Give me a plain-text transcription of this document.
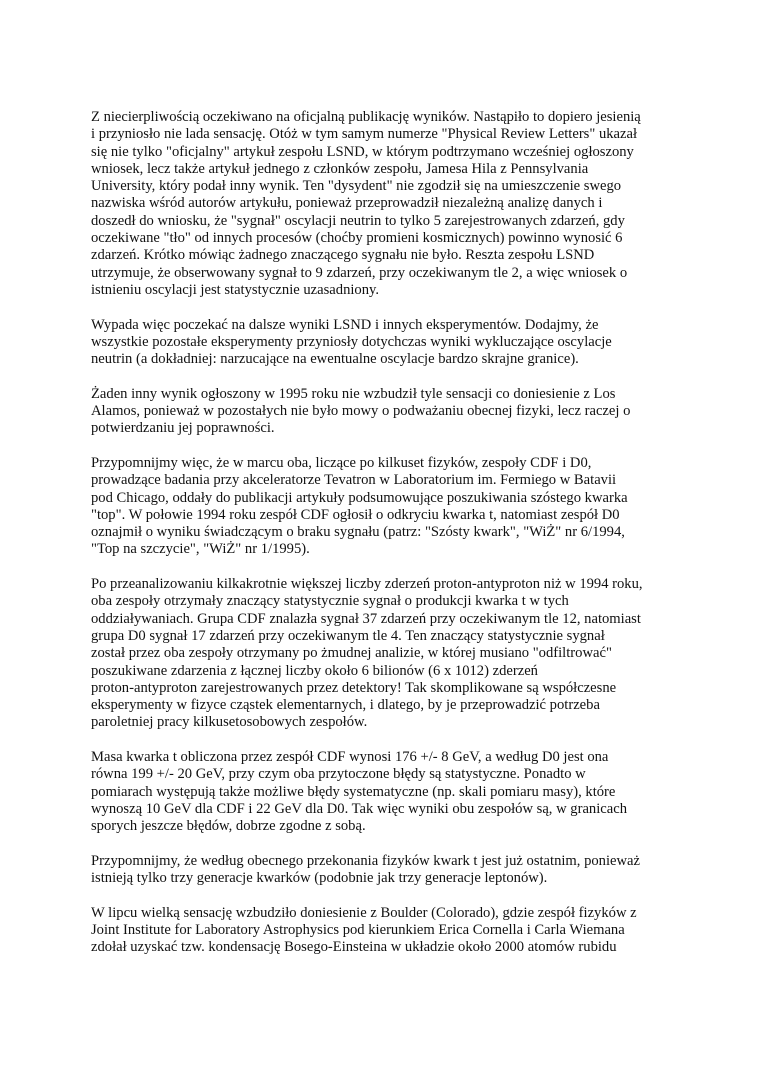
Z niecierpliwością oczekiwano na oficjalną publikację wyników. Nastąpiło to dopiero jesienią
i przyniosło nie lada sensację. Otóż w tym samym numerze "Physical Review Letters" ukazał
się nie tylko "oficjalny" artykuł zespołu LSND, w którym podtrzymano wcześniej ogłoszony
wniosek, lecz także artykuł jednego z członków zespołu, Jamesa Hila z Pennsylvania
University, który podał inny wynik. Ten "dysydent" nie zgodził się na umieszczenie swego
nazwiska wśród autorów artykułu, ponieważ przeprowadził niezależną analizę danych i
doszedł do wniosku, że "sygnał" oscylacji neutrin to tylko 5 zarejestrowanych zdarzeń, gdy
oczekiwane "tło" od innych procesów (choćby promieni kosmicznych) powinno wynosić 6
zdarzeń. Krótko mówiąc żadnego znaczącego sygnału nie było. Reszta zespołu LSND
utrzymuje, że obserwowany sygnał to 9 zdarzeń, przy oczekiwanym tle 2, a więc wniosek o
istnieniu oscylacji jest statystycznie uzasadniony.

Wypada więc poczekać na dalsze wyniki LSND i innych eksperymentów. Dodajmy, że
wszystkie pozostałe eksperymenty przyniosły dotychczas wyniki wykluczające oscylacje
neutrin (a dokładniej: narzucające na ewentualne oscylacje bardzo skrajne granice).

Żaden inny wynik ogłoszony w 1995 roku nie wzbudził tyle sensacji co doniesienie z Los
Alamos, ponieważ w pozostałych nie było mowy o podważaniu obecnej fizyki, lecz raczej o
potwierdzaniu jej poprawności.

Przypomnijmy więc, że w marcu oba, liczące po kilkuset fizyków, zespoły CDF i D0,
prowadzące badania przy akceleratorze Tevatron w Laboratorium im. Fermiego w Batavii
pod Chicago, oddały do publikacji artykuły podsumowujące poszukiwania szóstego kwarka
"top". W połowie 1994 roku zespół CDF ogłosił o odkryciu kwarka t, natomiast zespół D0
oznajmił o wyniku świadczącym o braku sygnału (patrz: "Szósty kwark", "WiŻ" nr 6/1994,
"Top na szczycie", "WiŻ" nr 1/1995).

Po przeanalizowaniu kilkakrotnie większej liczby zderzeń proton-antyproton niż w 1994 roku,
oba zespoły otrzymały znaczący statystycznie sygnał o produkcji kwarka t w tych
oddziaływaniach. Grupa CDF znalazła sygnał 37 zdarzeń przy oczekiwanym tle 12, natomiast
grupa D0 sygnał 17 zdarzeń przy oczekiwanym tle 4. Ten znaczący statystycznie sygnał
został przez oba zespoły otrzymany po żmudnej analizie, w której musiano "odfiltrować"
poszukiwane zdarzenia z łącznej liczby około 6 bilionów (6 x 1012) zderzeń
proton-antyproton zarejestrowanych przez detektory! Tak skomplikowane są współczesne
eksperymenty w fizyce cząstek elementarnych, i dlatego, by je przeprowadzić potrzeba
paroletniej pracy kilkusetosobowych zespołów.

Masa kwarka t obliczona przez zespół CDF wynosi 176 +/- 8 GeV, a według D0 jest ona
równa 199 +/- 20 GeV, przy czym oba przytoczone błędy są statystyczne. Ponadto w
pomiarach występują także możliwe błędy systematyczne (np. skali pomiaru masy), które
wynoszą 10 GeV dla CDF i 22 GeV dla D0. Tak więc wyniki obu zespołów są, w granicach
sporych jeszcze błędów, dobrze zgodne z sobą.

Przypomnijmy, że według obecnego przekonania fizyków kwark t jest już ostatnim, ponieważ
istnieją tylko trzy generacje kwarków (podobnie jak trzy generacje leptonów).

W lipcu wielką sensację wzbudziło doniesienie z Boulder (Colorado), gdzie zespół fizyków z
Joint Institute for Laboratory Astrophysics pod kierunkiem Erica Cornella i Carla Wiemana
zdołał uzyskać tzw. kondensację Bosego-Einsteina w układzie około 2000 atomów rubidu
